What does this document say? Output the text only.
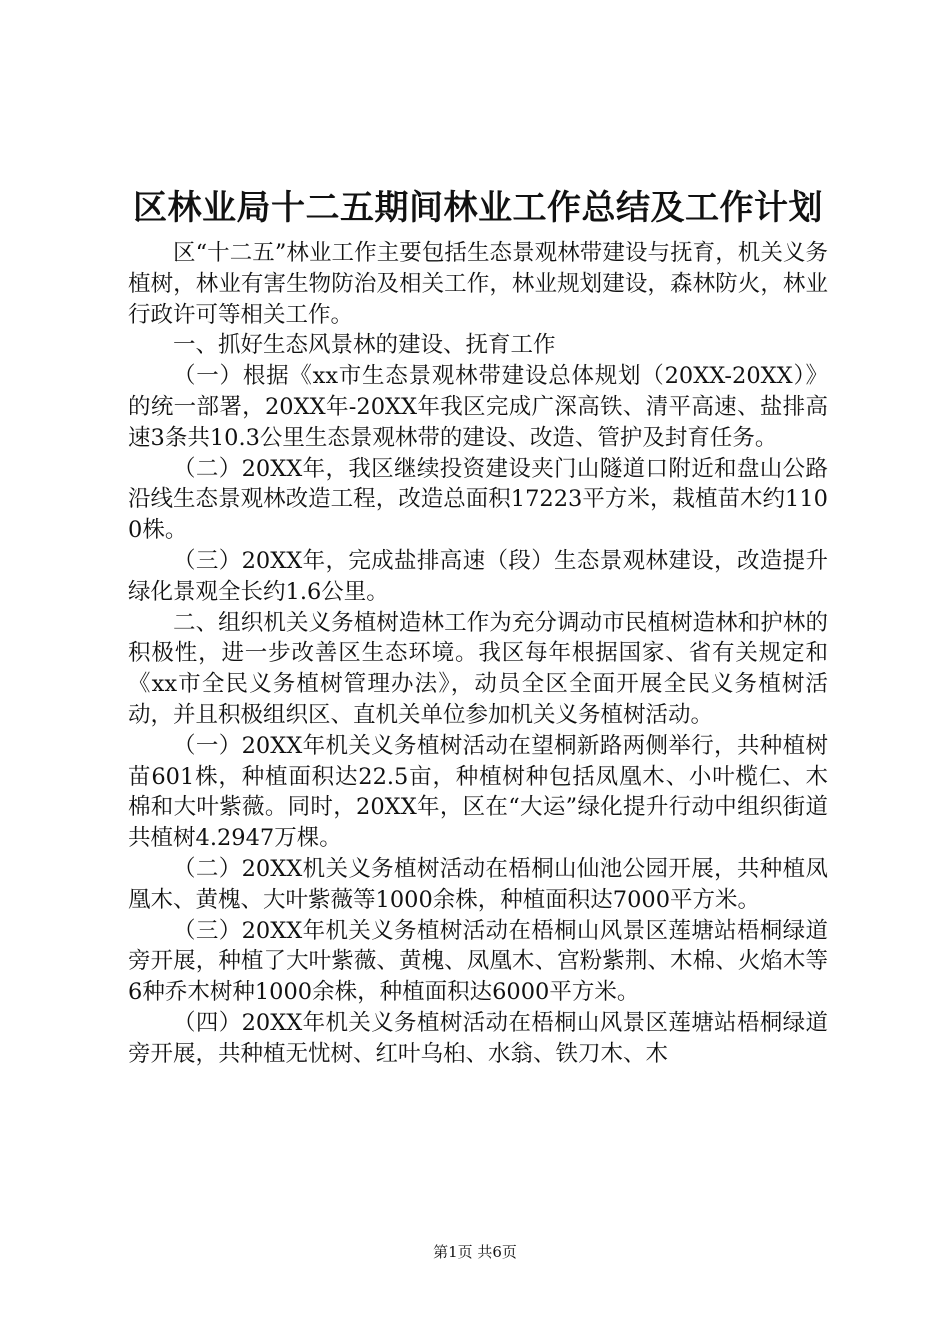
区林业局十二五期间林业工作总结及工作计划

区“十二五”林业工作主要包括生态景观林带建设与抚育，机关义务植树，林业有害生物防治及相关工作，林业规划建设，森林防火，林业行政许可等相关工作。

一、抓好生态风景林的建设、抚育工作

（一）根据《xx市生态景观林带建设总体规划（20XX-20XX）》的统一部署，20XX年-20XX年我区完成广深高铁、清平高速、盐排高速3条共10.3公里生态景观林带的建设、改造、管护及封育任务。

（二）20XX年，我区继续投资建设夹门山隧道口附近和盘山公路沿线生态景观林改造工程，改造总面积17223平方米，栽植苗木约1100株。

（三）20XX年，完成盐排高速（段）生态景观林建设，改造提升绿化景观全长约1.6公里。

二、组织机关义务植树造林工作为充分调动市民植树造林和护林的积极性，进一步改善区生态环境。我区每年根据国家、省有关规定和《xx市全民义务植树管理办法》，动员全区全面开展全民义务植树活动，并且积极组织区、直机关单位参加机关义务植树活动。

（一）20XX年机关义务植树活动在望桐新路两侧举行，共种植树苗601株，种植面积达22.5亩，种植树种包括凤凰木、小叶榄仁、木棉和大叶紫薇。同时，20XX年，区在“大运”绿化提升行动中组织街道共植树4.2947万棵。

（二）20XX机关义务植树活动在梧桐山仙池公园开展，共种植凤凰木、黄槐、大叶紫薇等1000余株，种植面积达7000平方米。

（三）20XX年机关义务植树活动在梧桐山风景区莲塘站梧桐绿道旁开展，种植了大叶紫薇、黄槐、凤凰木、宫粉紫荆、木棉、火焰木等6种乔木树种1000余株，种植面积达6000平方米。

（四）20XX年机关义务植树活动在梧桐山风景区莲塘站梧桐绿道旁开展，共种植无忧树、红叶乌桕、水翁、铁刀木、木

第1页 共6页
